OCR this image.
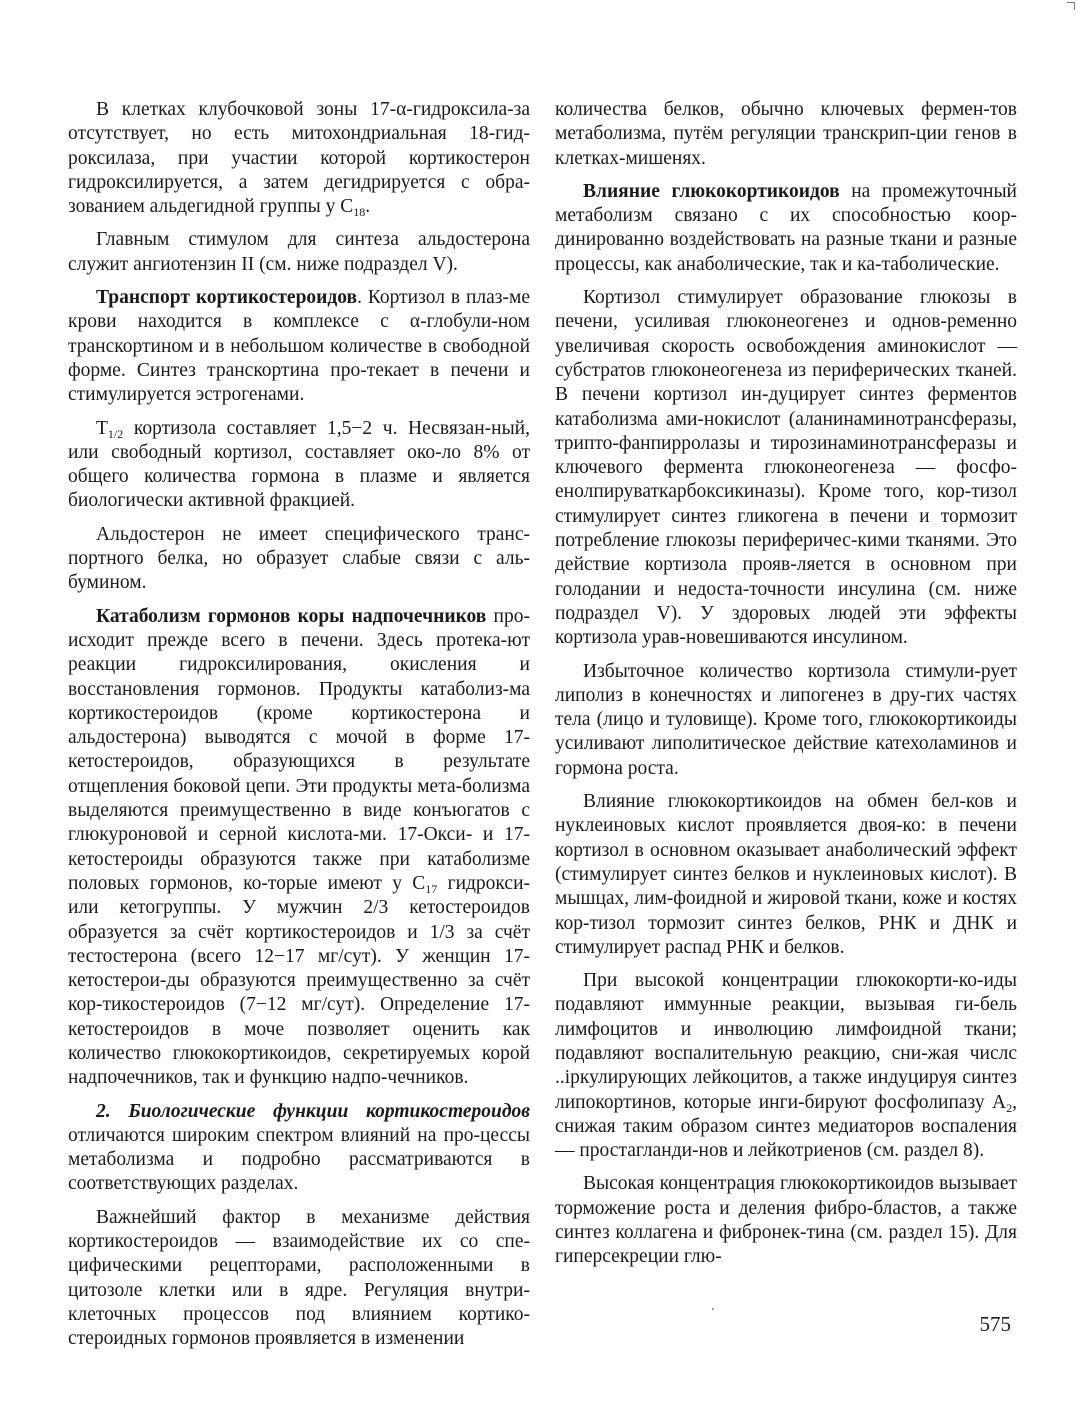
В клетках клубочковой зоны 17-α-гидроксила-за отсутствует, но есть митохондриальная 18-гид-роксилаза, при участии которой кортикостерон гидроксилируется, а затем дегидрируется с обра-зованием альдегидной группы у $C_{18}$.

Главным стимулом для синтеза альдостерона служит ангиотензин II (см. ниже подраздел V).

Транспорт кортикостероидов. Кортизол в плаз-ме крови находится в комплексе с α-глобули-ном транскортином и в небольшом количестве в свободной форме. Синтез транскортина про-текает в печени и стимулируется эстрогенами.

$T_{1/2}$ кортизола составляет 1,5−2 ч. Несвязан-ный, или свободный кортизол, составляет око-ло 8% от общего количества гормона в плазме и является биологически активной фракцией.

Альдостерон не имеет специфического транс-портного белка, но образует слабые связи с аль-бумином.

Катаболизм гормонов коры надпочечников про-исходит прежде всего в печени. Здесь протека-ют реакции гидроксилирования, окисления и восстановления гормонов. Продукты катаболиз-ма кортикостероидов (кроме кортикостерона и альдостерона) выводятся с мочой в форме 17-кетостероидов, образующихся в результате отщепления боковой цепи. Эти продукты мета-болизма выделяются преимущественно в виде конъюгатов с глюкуроновой и серной кислота-ми. 17-Окси- и 17-кетостероиды образуются также при катаболизме половых гормонов, ко-торые имеют у $C_{17}$ гидрокси- или кетогруппы. У мужчин 2/3 кетостероидов образуется за счёт кортикостероидов и 1/3 за счёт тестостерона (всего 12−17 мг/сут). У женщин 17-кетостерои-ды образуются преимущественно за счёт кор-тикостероидов (7−12 мг/сут). Определение 17-кетостероидов в моче позволяет оценить как количество глюкокортикоидов, секретируемых корой надпочечников, так и функцию надпо-чечников.

2. Биологические функции кортикостероидов отличаются широким спектром влияний на про-цессы метаболизма и подробно рассматриваются в соответствующих разделах.

Важнейший фактор в механизме действия кортикостероидов — взаимодействие их со спе-цифическими рецепторами, расположенными в цитозоле клетки или в ядре. Регуляция внутри-клеточных процессов под влиянием кортико-стероидных гормонов проявляется в изменении

количества белков, обычно ключевых фермен-тов метаболизма, путём регуляции транскрип-ции генов в клетках-мишенях.

Влияние глюкокортикоидов на промежуточный метаболизм связано с их способностью коор-динированно воздействовать на разные ткани и разные процессы, как анаболические, так и ка-таболические.

Кортизол стимулирует образование глюкозы в печени, усиливая глюконеогенез и однов-ременно увеличивая скорость освобождения аминокислот — субстратов глюконеогенеза из периферических тканей. В печени кортизол ин-дуцирует синтез ферментов катаболизма ами-нокислот (аланинаминотрансферазы, трипто-фанпирролазы и тирозинаминотрансферазы и ключевого фермента глюконеогенеза — фосфо-енолпируваткарбоксикиназы). Кроме того, кор-тизол стимулирует синтез гликогена в печени и тормозит потребление глюкозы периферичес-кими тканями. Это действие кортизола прояв-ляется в основном при голодании и недоста-точности инсулина (см. ниже подраздел V). У здоровых людей эти эффекты кортизола урав-новешиваются инсулином.

Избыточное количество кортизола стимули-рует липолиз в конечностях и липогенез в дру-гих частях тела (лицо и туловище). Кроме того, глюкокортикоиды усиливают липолитическое действие катехоламинов и гормона роста.

Влияние глюкокортикоидов на обмен бел-ков и нуклеиновых кислот проявляется двоя-ко: в печени кортизол в основном оказывает анаболический эффект (стимулирует синтез белков и нуклеиновых кислот). В мышцах, лим-фоидной и жировой ткани, коже и костях кор-тизол тормозит синтез белков, РНК и ДНК и стимулирует распад РНК и белков.

При высокой концентрации глюкокорти-ко-иды подавляют иммунные реакции, вызывая ги-бель лимфоцитов и инволюцию лимфоидной ткани; подавляют воспалительную реакцию, сни-жая числс ..іркулирующих лейкоцитов, а также индуцируя синтез липокортинов, которые инги-бируют фосфолипазу $A_2$, снижая таким образом синтез медиаторов воспаления — простагланди-нов и лейкотриенов (см. раздел 8).

Высокая концентрация глюкокортикоидов вызывает торможение роста и деления фибро-бластов, а также синтез коллагена и фибронек-тина (см. раздел 15). Для гиперсекреции глю-

575
